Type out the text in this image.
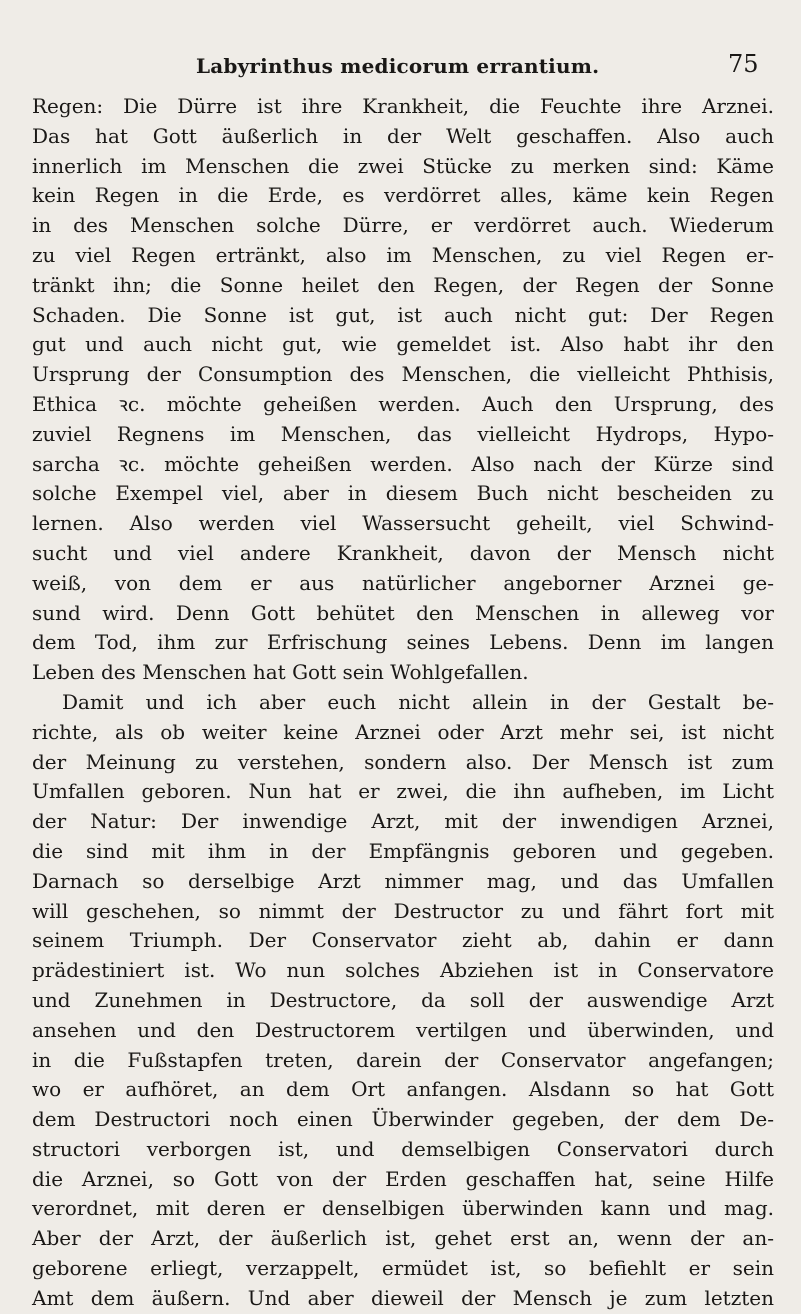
Labyrinthus medicorum errantium.	75
Regen: Die Dürre ist ihre Krankheit, die Feuchte ihre Arznei.
Das hat Gott äußerlich in der Welt geschaffen. Also auch
innerlich im Menschen die zwei Stücke zu merken sind: Käme
kein Regen in die Erde, es verdörret alles, käme kein Regen
in des Menschen solche Dürre, er verdörret auch. Wiederum
zu viel Regen ertränkt, also im Menschen, zu viel Regen er-
tränkt ihn; die Sonne heilet den Regen, der Regen der Sonne
Schaden. Die Sonne ist gut, ist auch nicht gut: Der Regen
gut und auch nicht gut, wie gemeldet ist. Also habt ihr den
Ursprung der Consumption des Menschen, die vielleicht Phthisis,
Ethica ꝛc. möchte geheißen werden. Auch den Ursprung, des
zuviel Regnens im Menschen, das vielleicht Hydrops, Hypo-
sarcha ꝛc. möchte geheißen werden. Also nach der Kürze sind
solche Exempel viel, aber in diesem Buch nicht bescheiden zu
lernen. Also werden viel Wassersucht geheilt, viel Schwind-
sucht und viel andere Krankheit, davon der Mensch nicht
weiß, von dem er aus natürlicher angeborner Arznei ge-
sund wird. Denn Gott behütet den Menschen in alleweg vor
dem Tod, ihm zur Erfrischung seines Lebens. Denn im langen
Leben des Menschen hat Gott sein Wohlgefallen.
Damit und ich aber euch nicht allein in der Gestalt be-
richte, als ob weiter keine Arznei oder Arzt mehr sei, ist nicht
der Meinung zu verstehen, sondern also. Der Mensch ist zum
Umfallen geboren. Nun hat er zwei, die ihn aufheben, im Licht
der Natur: Der inwendige Arzt, mit der inwendigen Arznei,
die sind mit ihm in der Empfängnis geboren und gegeben.
Darnach so derselbige Arzt nimmer mag, und das Umfallen
will geschehen, so nimmt der Destructor zu und fährt fort mit
seinem Triumph. Der Conservator zieht ab, dahin er dann
prädestiniert ist. Wo nun solches Abziehen ist in Conservatore
und Zunehmen in Destructore, da soll der auswendige Arzt
ansehen und den Destructorem vertilgen und überwinden, und
in die Fußstapfen treten, darein der Conservator angefangen;
wo er aufhöret, an dem Ort anfangen. Alsdann so hat Gott
dem Destructori noch einen Überwinder gegeben, der dem De-
structori verborgen ist, und demselbigen Conservatori durch
die Arznei, so Gott von der Erden geschaffen hat, seine Hilfe
verordnet, mit deren er denselbigen überwinden kann und mag.
Aber der Arzt, der äußerlich ist, gehet erst an, wenn der an-
geborene erliegt, verzappelt, ermüdet ist, so befiehlt er sein
Amt dem äußern. Und aber dieweil der Mensch je zum letzten
